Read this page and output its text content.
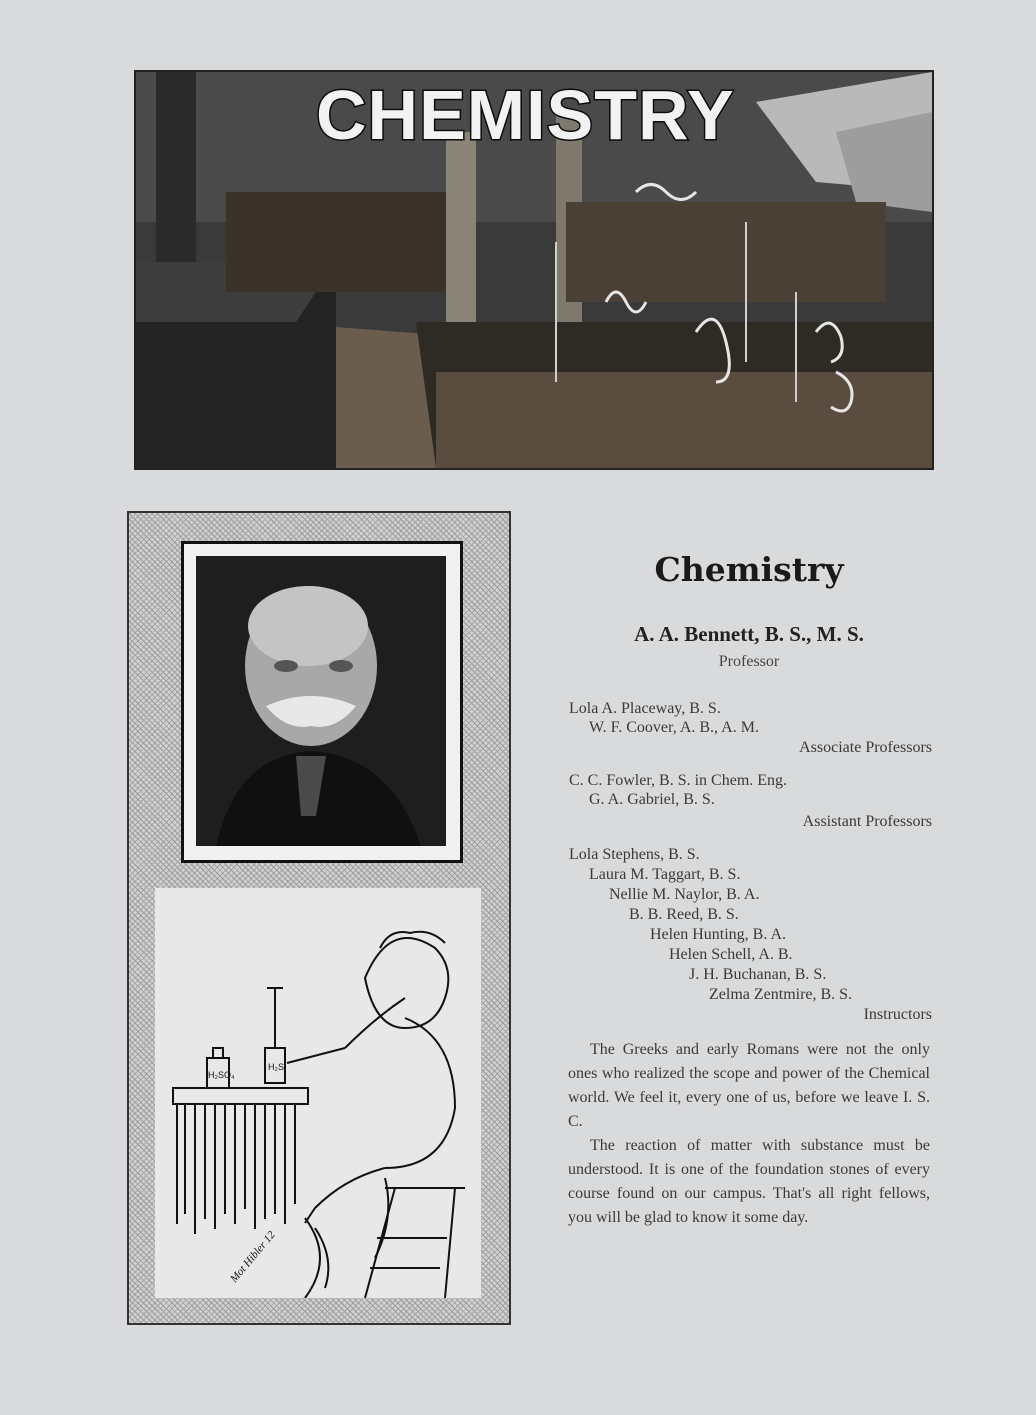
CHEMISTRY
H₂SO₄
H₂S
Mot Hibler 12
Chemistry
A. A. Bennett, B. S., M. S.
Professor
Lola A. Placeway, B. S.
W. F. Coover, A. B., A. M.
Associate Professors
C. C. Fowler, B. S. in Chem. Eng.
G. A. Gabriel, B. S.
Assistant Professors
Lola Stephens, B. S.
Laura M. Taggart, B. S.
Nellie M. Naylor, B. A.
B. B. Reed, B. S.
Helen Hunting, B. A.
Helen Schell, A. B.
J. H. Buchanan, B. S.
Zelma Zentmire, B. S.
Instructors

The Greeks and early Romans were not the only ones who realized the scope and power of the Chemical world. We feel it, every one of us, before we leave I. S. C.

The reaction of matter with substance must be understood. It is one of the foundation stones of every course found on our campus. That's all right fellows, you will be glad to know it some day.
